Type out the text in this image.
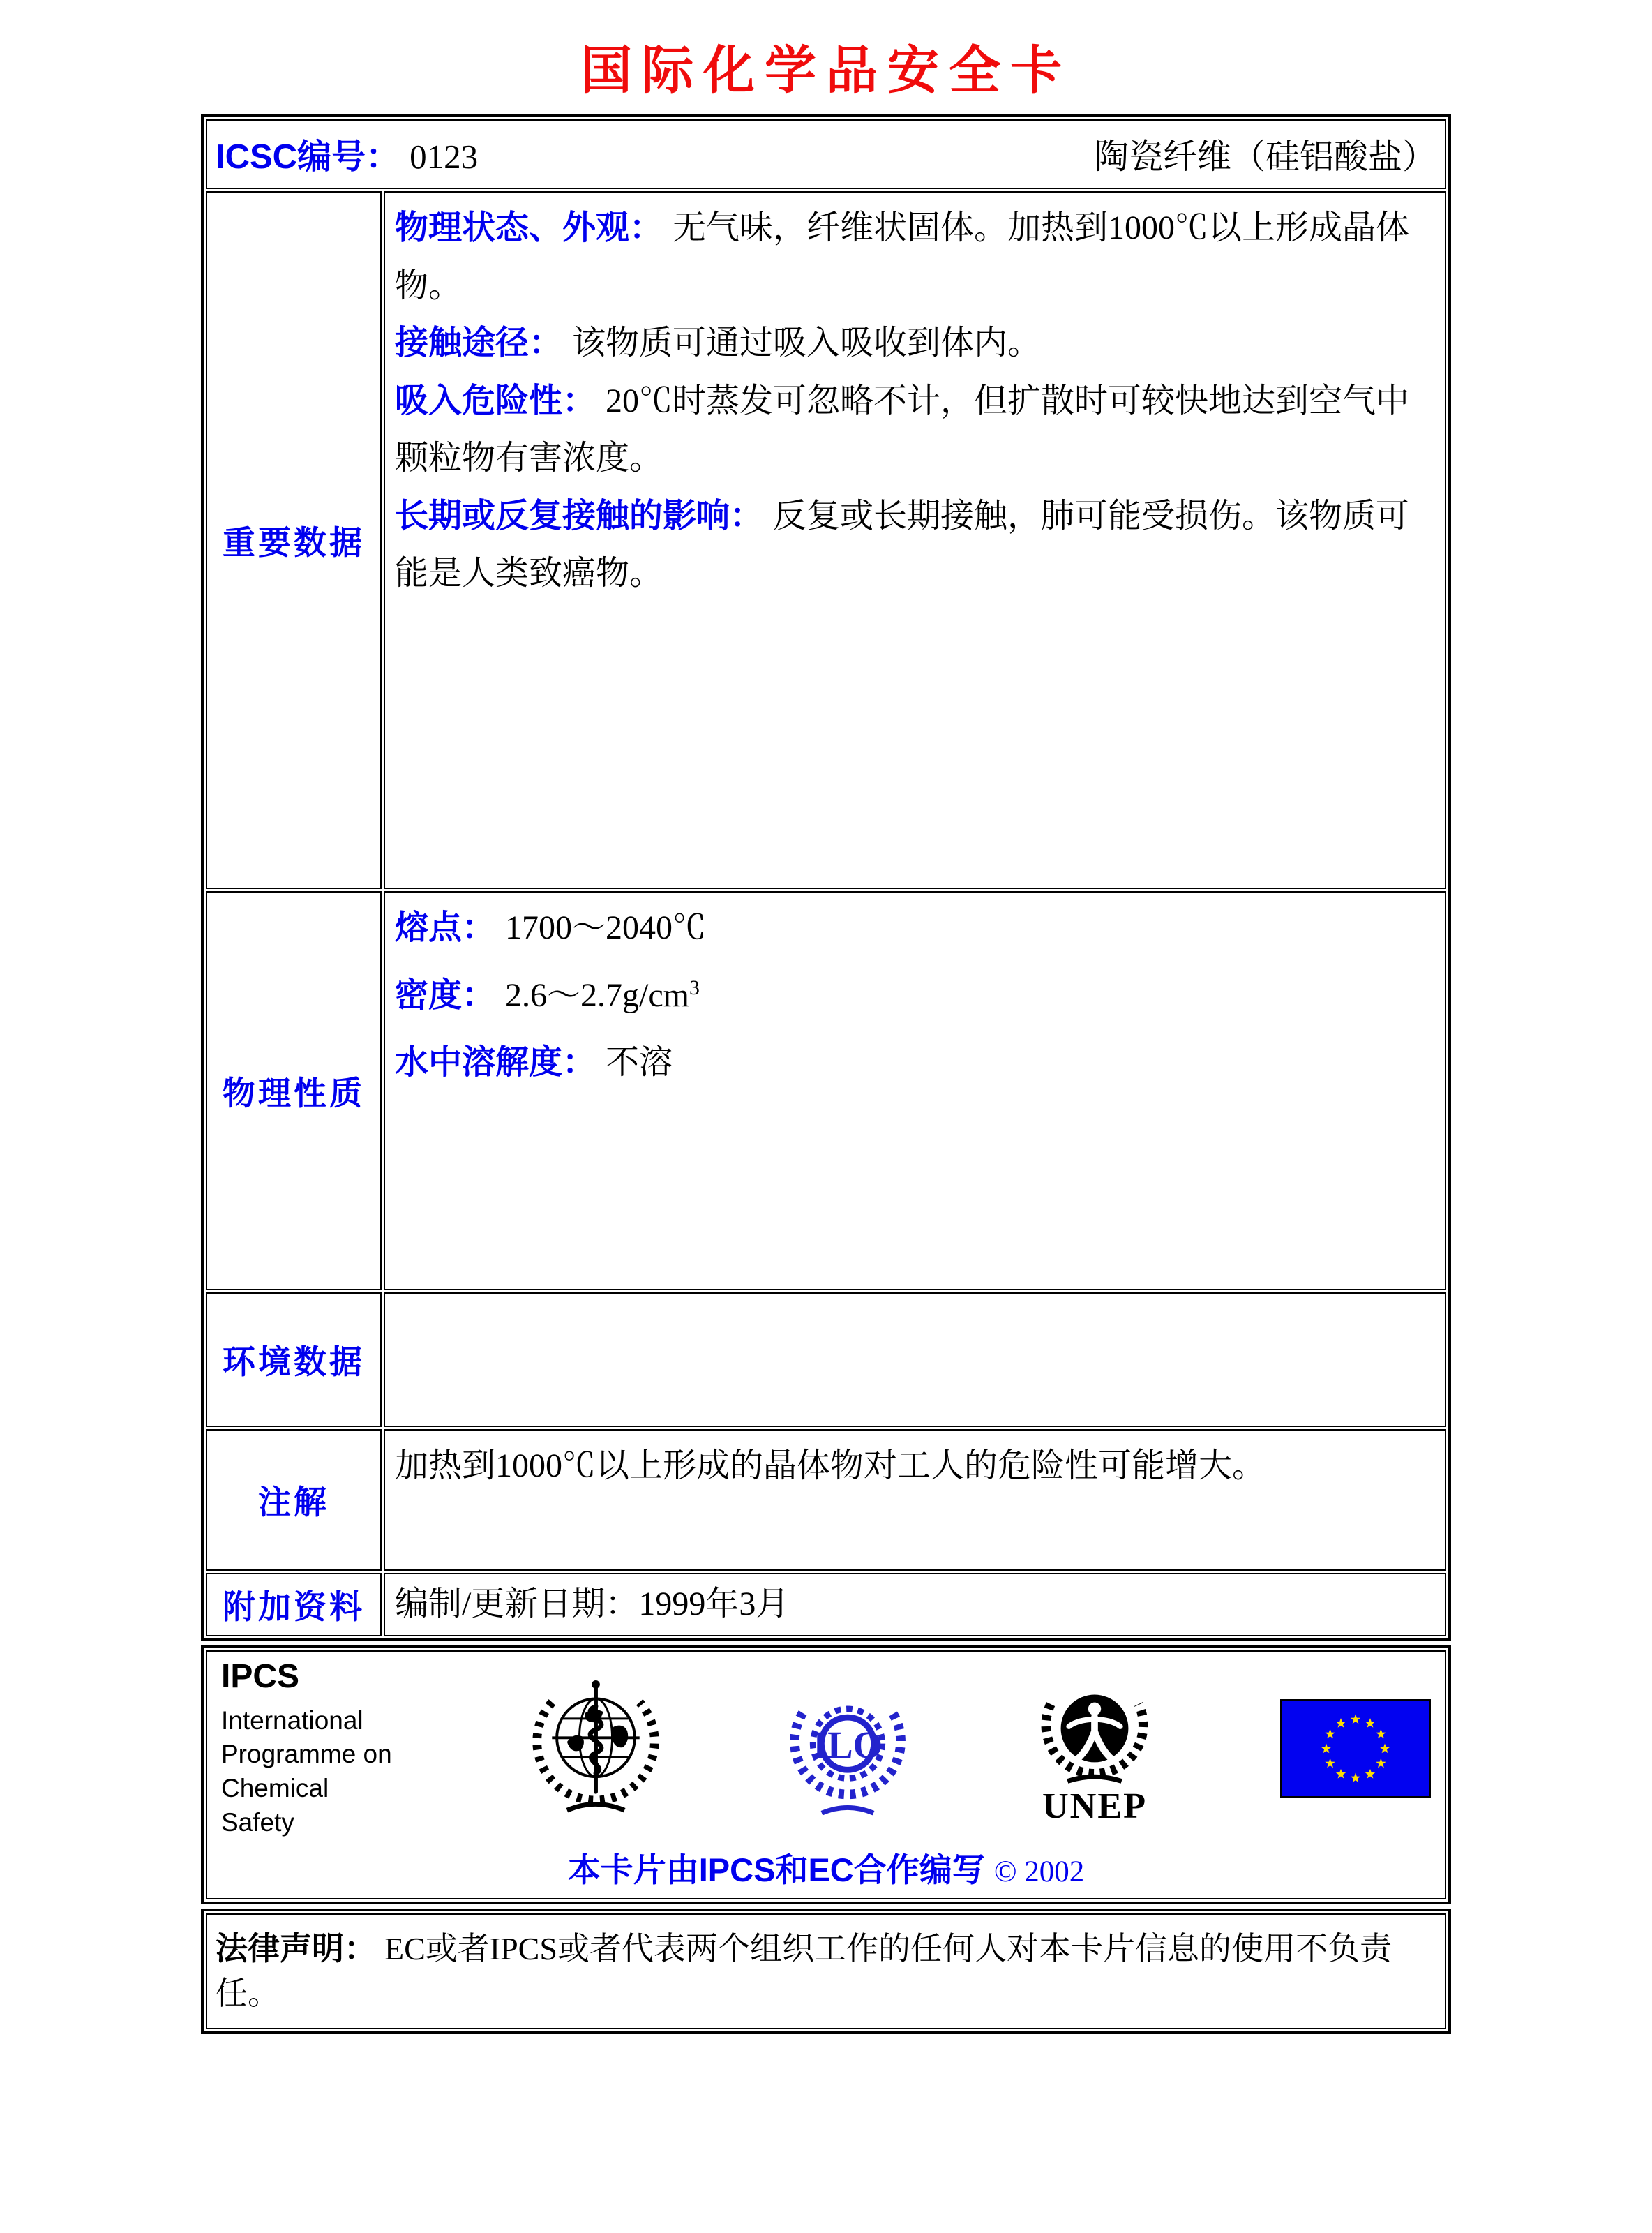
国际化学品安全卡
ICSC编号： 0123 陶瓷纤维（硅铝酸盐）	

重要数据	物理状态、外观： 无气味，纤维状固体。加热到1000℃以上形成晶体物。

接触途径： 该物质可通过吸入吸收到体内。

吸入危险性： 20℃时蒸发可忽略不计，但扩散时可较快地达到空气中颗粒物有害浓度。

长期或反复接触的影响： 反复或长期接触，肺可能受损伤。该物质可能是人类致癌物。

物理性质	熔点： 1700～2040℃

密度： $2.6\sim 2.7g/cm^3$

水中溶解度： 不溶

环境数据	
注解	加热到1000℃以上形成的晶体物对工人的危险性可能增大。

附加资料	编制/更新日期：1999年3月

IPCS
International
Programme on
Chemical Safety
ILO
UNEP
本卡片由IPCS和EC合作编写 © 2002
法律声明： EC或者IPCS或者代表两个组织工作的任何人对本卡片信息的使用不负责任。
